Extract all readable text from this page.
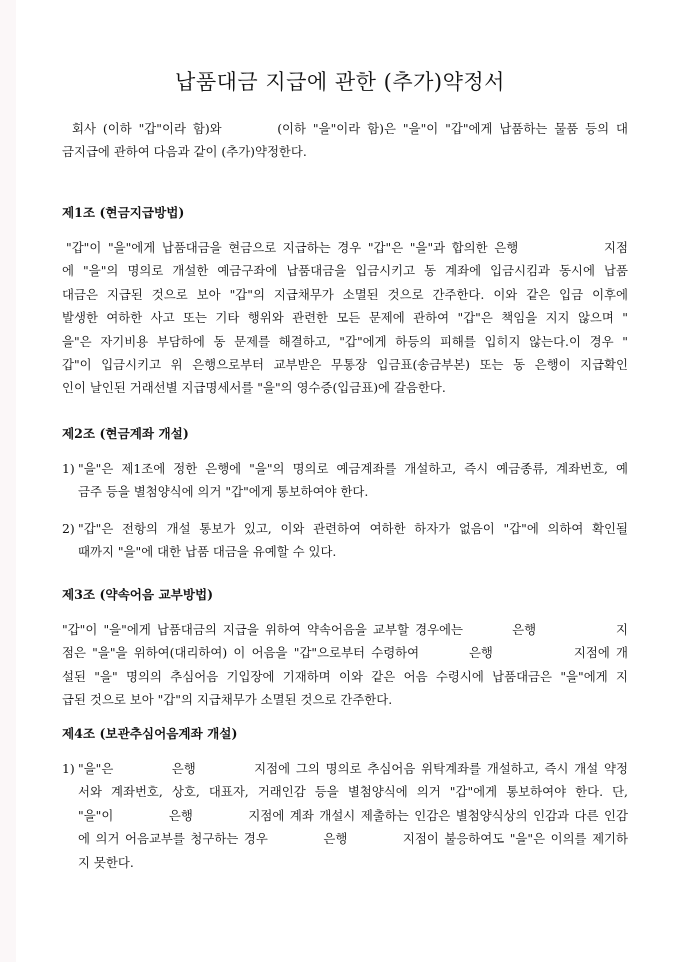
납품대금 지급에 관한 (추가)약정서
회사 (이하 "갑"이라 함)와        (이하 "을"이라 함)은 "을"이 "갑"에게 납품하는 물품 등의 대
금지급에 관하여 다음과 같이 (추가)약정한다.
제1조 (현금지급방법)
"갑"이 "을"에게 납품대금을 현금으로 지급하는 경우 "갑"은 "을"과 합의한 은행             지점
에 "을"의 명의로 개설한 예금구좌에 납품대금을 입금시키고 동 계좌에 입금시킴과 동시에 납품
대금은 지급된 것으로 보아 "갑"의 지급채무가 소멸된 것으로 간주한다. 이와 같은 입금 이후에
발생한 여하한 사고 또는 기타 행위와 관련한 모든 문제에 관하여 "갑"은 책임을 지지 않으며 "
을"은 자기비용 부담하에 동 문제를 해결하고, "갑"에게 하등의 피해를 입히지 않는다.이 경우 "
갑"이 입금시키고 위 은행으로부터 교부받은 무통장 입금표(송금부본) 또는 동 은행이 지급확인
인이 날인된 거래선별 지급명세서를 "을"의 영수증(입금표)에 갈음한다.
제2조 (현금계좌 개설)
1) "을"은 제1조에 정한 은행에 "을"의 명의로 예금계좌를 개설하고, 즉시 예금종류, 계좌번호, 예
금주 등을 별첨양식에 의거 "갑"에게 통보하여야 한다.
2) "갑"은 전항의 개설 통보가 있고, 이와 관련하여 여하한 하자가 없음이 "갑"에 의하여 확인될
때까지 "을"에 대한 납품 대금을 유예할 수 있다.
제3조 (약속어음 교부방법)
"갑"이 "을"에게 납품대금의 지급을 위하여 약속어음을 교부할 경우에는        은행             지
점은 "을"을 위하여(대리하여) 이 어음을 "갑"으로부터 수령하여        은행             지점에 개
설된 "을" 명의의 추심어음 기입장에 기재하며 이와 같은 어음 수령시에 납품대금은 "을"에게 지
급된 것으로 보아 "갑"의 지급채무가 소멸된 것으로 간주한다.
제4조 (보관추심어음계좌 개설)
1) "을"은          은행          지점에 그의 명의로 추심어음 위탁계좌를 개설하고, 즉시 개설 약정
서와 계좌번호, 상호, 대표자, 거래인감 등을 별첨양식에 의거 "갑"에게 통보하여야 한다. 단,
"을"이          은행          지점에 계좌 개설시 제출하는 인감은 별첨양식상의 인감과 다른 인감
에 의거 어음교부를 청구하는 경우          은행          지점이 불응하여도 "을"은 이의를 제기하
지 못한다.
